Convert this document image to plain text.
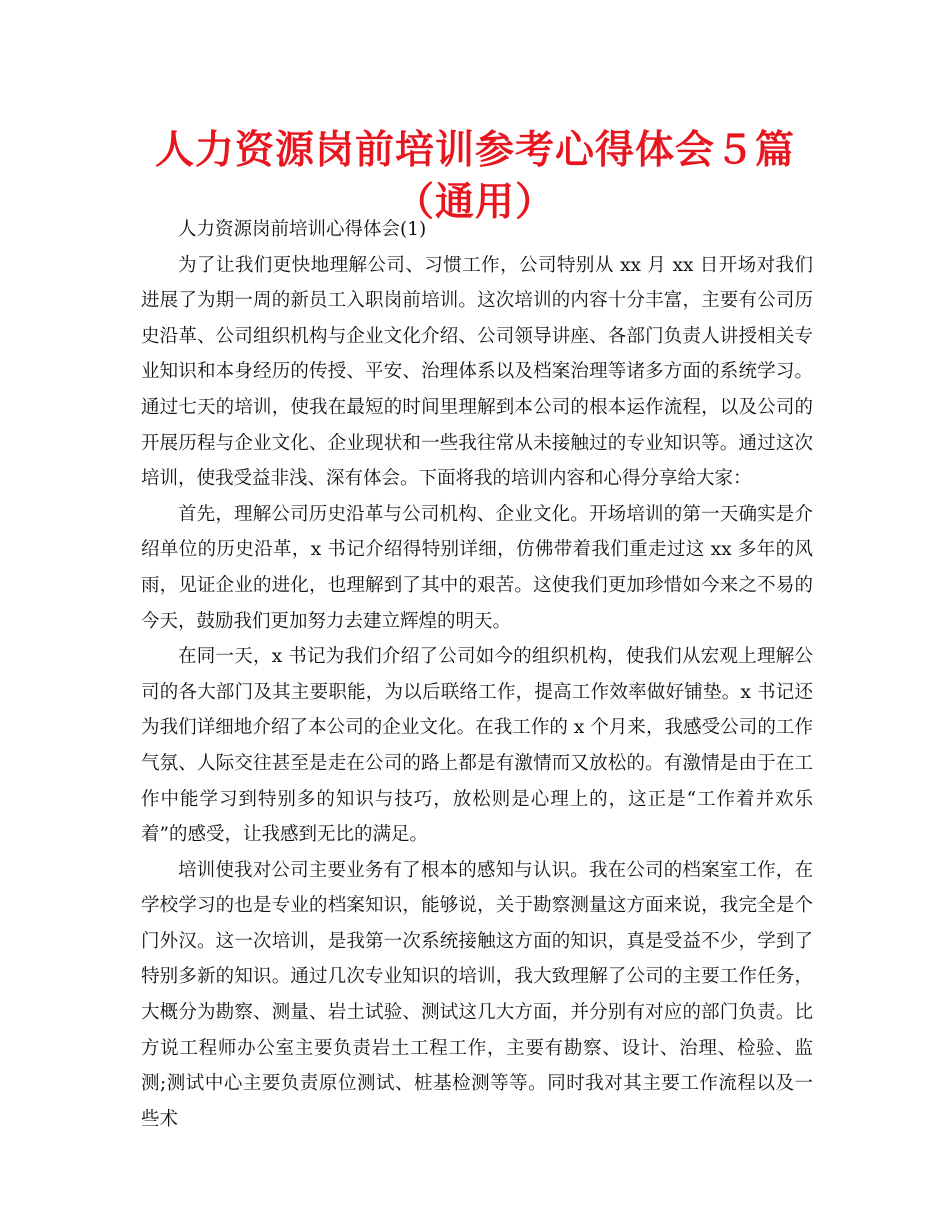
人力资源岗前培训参考心得体会５篇（通用）

人力资源岗前培训心得体会(1)

为了让我们更快地理解公司、习惯工作，公司特别从 xx 月 xx 日开场对我们进展了为期一周的新员工入职岗前培训。这次培训的内容十分丰富，主要有公司历史沿革、公司组织机构与企业文化介绍、公司领导讲座、各部门负责人讲授相关专业知识和本身经历的传授、平安、治理体系以及档案治理等诸多方面的系统学习。通过七天的培训，使我在最短的时间里理解到本公司的根本运作流程，以及公司的开展历程与企业文化、企业现状和一些我往常从未接触过的专业知识等。通过这次培训，使我受益非浅、深有体会。下面将我的培训内容和心得分享给大家：

首先，理解公司历史沿革与公司机构、企业文化。开场培训的第一天确实是介绍单位的历史沿革，x 书记介绍得特别详细，仿佛带着我们重走过这 xx 多年的风雨，见证企业的进化，也理解到了其中的艰苦。这使我们更加珍惜如今来之不易的今天，鼓励我们更加努力去建立辉煌的明天。

在同一天，x 书记为我们介绍了公司如今的组织机构，使我们从宏观上理解公司的各大部门及其主要职能，为以后联络工作，提高工作效率做好铺垫。x 书记还为我们详细地介绍了本公司的企业文化。在我工作的 x 个月来，我感受公司的工作气氛、人际交往甚至是走在公司的路上都是有激情而又放松的。有激情是由于在工作中能学习到特别多的知识与技巧，放松则是心理上的，这正是“工作着并欢乐着”的感受，让我感到无比的满足。

培训使我对公司主要业务有了根本的感知与认识。我在公司的档案室工作，在学校学习的也是专业的档案知识，能够说，关于勘察测量这方面来说，我完全是个门外汉。这一次培训，是我第一次系统接触这方面的知识，真是受益不少，学到了特别多新的知识。通过几次专业知识的培训，我大致理解了公司的主要工作任务，大概分为勘察、测量、岩土试验、测试这几大方面，并分别有对应的部门负责。比方说工程师办公室主要负责岩土工程工作，主要有勘察、设计、治理、检验、监测;测试中心主要负责原位测试、桩基检测等等。同时我对其主要工作流程以及一些术
